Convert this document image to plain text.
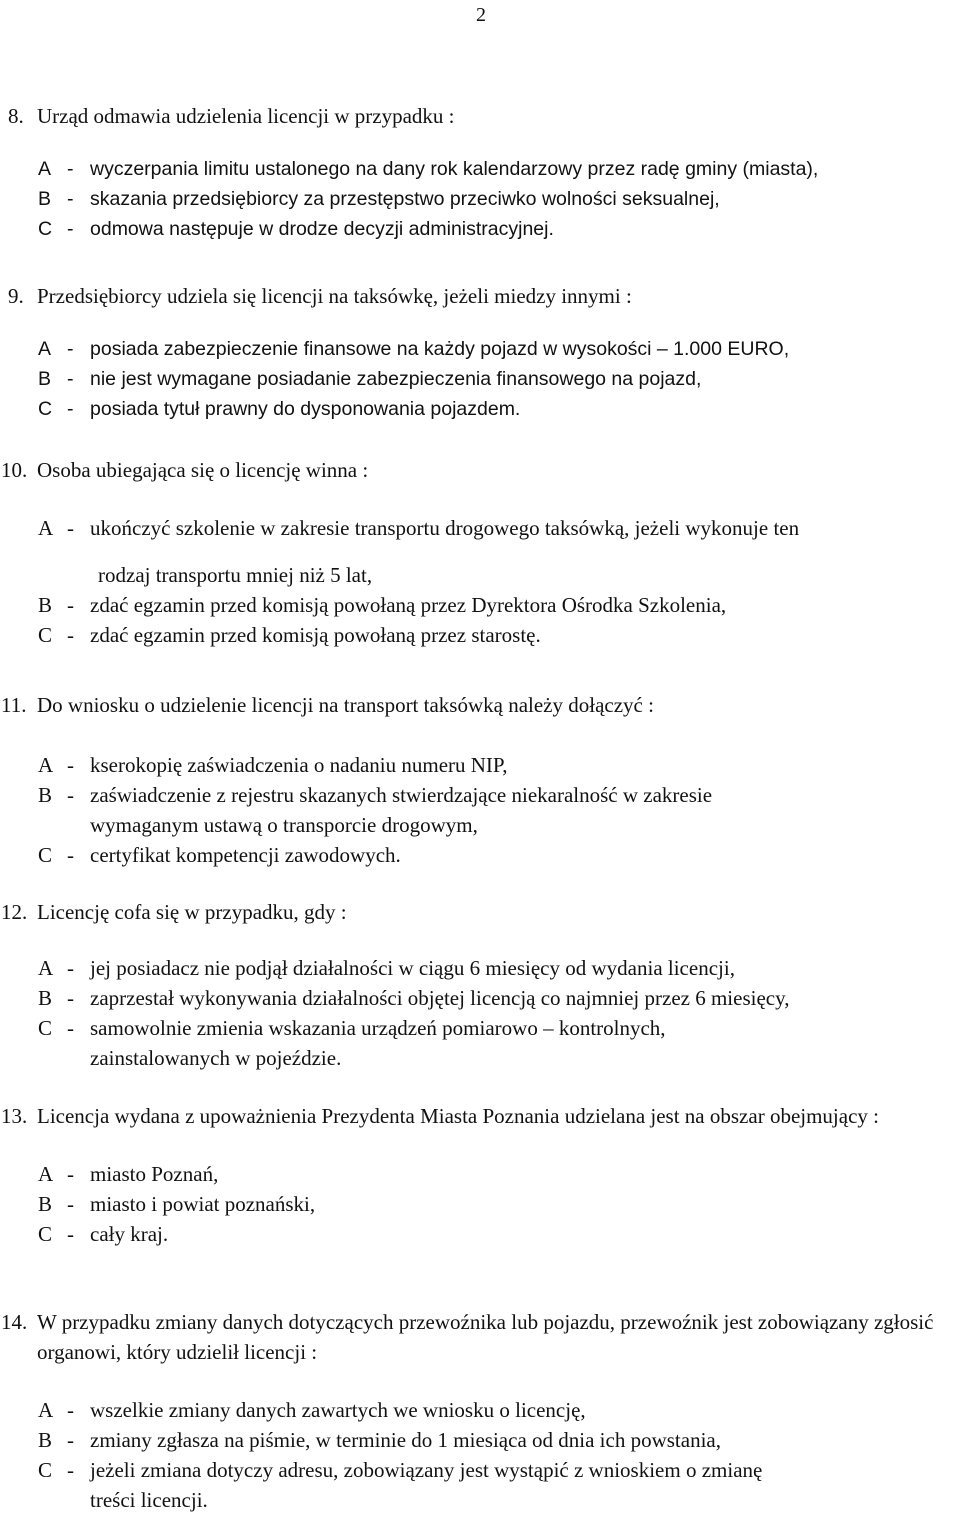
2
8. Urząd odmawia udzielenia licencji w przypadku :
A - wyczerpania limitu ustalonego na dany rok kalendarzowy przez radę gminy (miasta),
B - skazania przedsiębiorcy za przestępstwo przeciwko wolności seksualnej,
C - odmowa następuje w drodze decyzji administracyjnej.
9. Przedsiębiorcy udziela się licencji na taksówkę, jeżeli miedzy innymi :
A - posiada zabezpieczenie finansowe na każdy pojazd w wysokości – 1.000 EURO,
B - nie jest wymagane posiadanie zabezpieczenia finansowego na pojazd,
C - posiada tytuł prawny do dysponowania pojazdem.
10. Osoba ubiegająca się o licencję winna :
A - ukończyć szkolenie w zakresie transportu drogowego taksówką, jeżeli wykonuje ten
rodzaj transportu mniej niż 5 lat,
B - zdać egzamin przed komisją powołaną przez Dyrektora Ośrodka Szkolenia,
C - zdać egzamin przed komisją powołaną przez starostę.
11. Do wniosku o udzielenie licencji na transport taksówką należy dołączyć :
A - kserokopię zaświadczenia o nadaniu numeru NIP,
B - zaświadczenie z rejestru skazanych stwierdzające niekaralność w zakresie
wymaganym ustawą o transporcie drogowym,
C - certyfikat kompetencji zawodowych.
12. Licencję cofa się w przypadku, gdy :
A - jej posiadacz nie podjął działalności w ciągu 6 miesięcy od wydania licencji,
B - zaprzestał wykonywania działalności objętej licencją co najmniej przez 6 miesięcy,
C - samowolnie zmienia wskazania urządzeń pomiarowo – kontrolnych,
zainstalowanych w pojeździe.
13. Licencja wydana z upoważnienia Prezydenta Miasta Poznania udzielana jest na obszar obejmujący :
A - miasto Poznań,
B - miasto i powiat poznański,
C - cały kraj.
14. W przypadku zmiany danych dotyczących przewoźnika lub pojazdu, przewoźnik jest zobowiązany zgłosić organowi, który udzielił licencji :
A - wszelkie zmiany danych zawartych we wniosku o licencję,
B - zmiany zgłasza na piśmie, w terminie do 1 miesiąca od dnia ich powstania,
C - jeżeli zmiana dotyczy adresu, zobowiązany jest wystąpić z wnioskiem o zmianę
treści licencji.
